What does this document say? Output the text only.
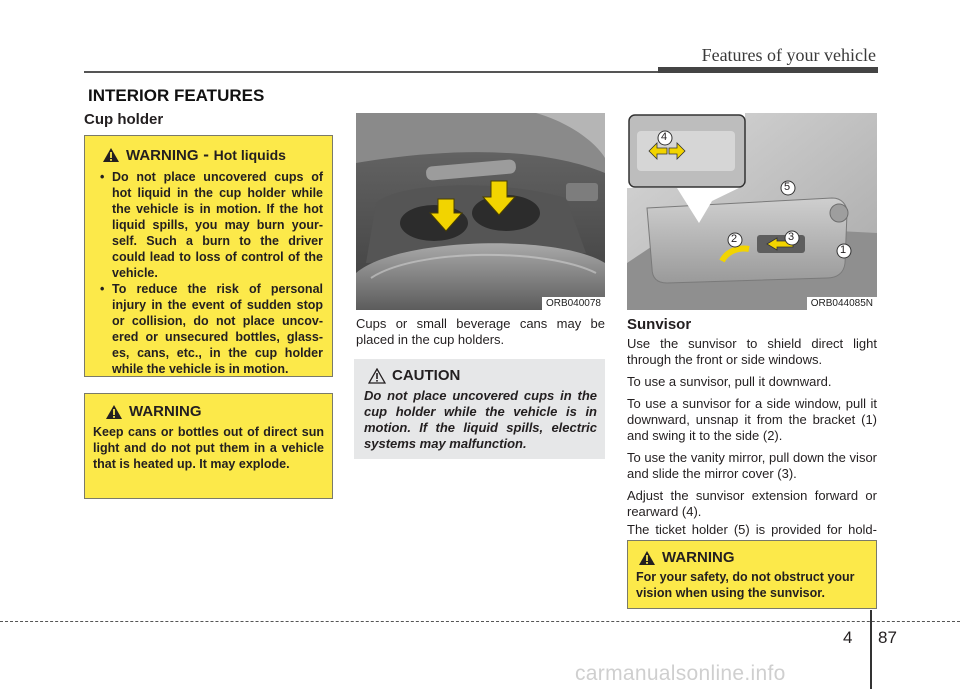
Features of your vehicle
INTERIOR FEATURES
Cup holder
WARNING - Hot liquids
• Do not place uncovered cups of hot liquid in the cup holder while the vehicle is in motion. If the hot liquid spills, you may burn your-self. Such a burn to the driver could lead to loss of control of the vehicle.
• To reduce the risk of personal injury in the event of sudden stop or collision, do not place uncov-ered or unsecured bottles, glass-es, cans, etc., in the cup holder while the vehicle is in motion.
WARNING
Keep cans or bottles out of direct sun light and do not put them in a vehicle that is heated up. It may explode.
ORB040078
Cups or small beverage cans may be placed in the cup holders.
CAUTION
Do not place uncovered cups in the cup holder while the vehicle is in motion. If the liquid spills, electric systems may malfunction.
4
5
2	3
1
ORB044085N
Sunvisor

Use the sunvisor to shield direct light through the front or side windows.

To use a sunvisor, pull it downward.

To use a sunvisor for a side window, pull it downward, unsnap it from the bracket (1) and swing it to the side (2).

To use the vanity mirror, pull down the visor and slide the mirror cover (3).

Adjust the sunvisor extension forward or rearward (4).

The ticket holder (5) is provided for hold-

WARNING
For your safety, do not obstruct your vision when using the sunvisor.
4 87
carmanualsonline.info
